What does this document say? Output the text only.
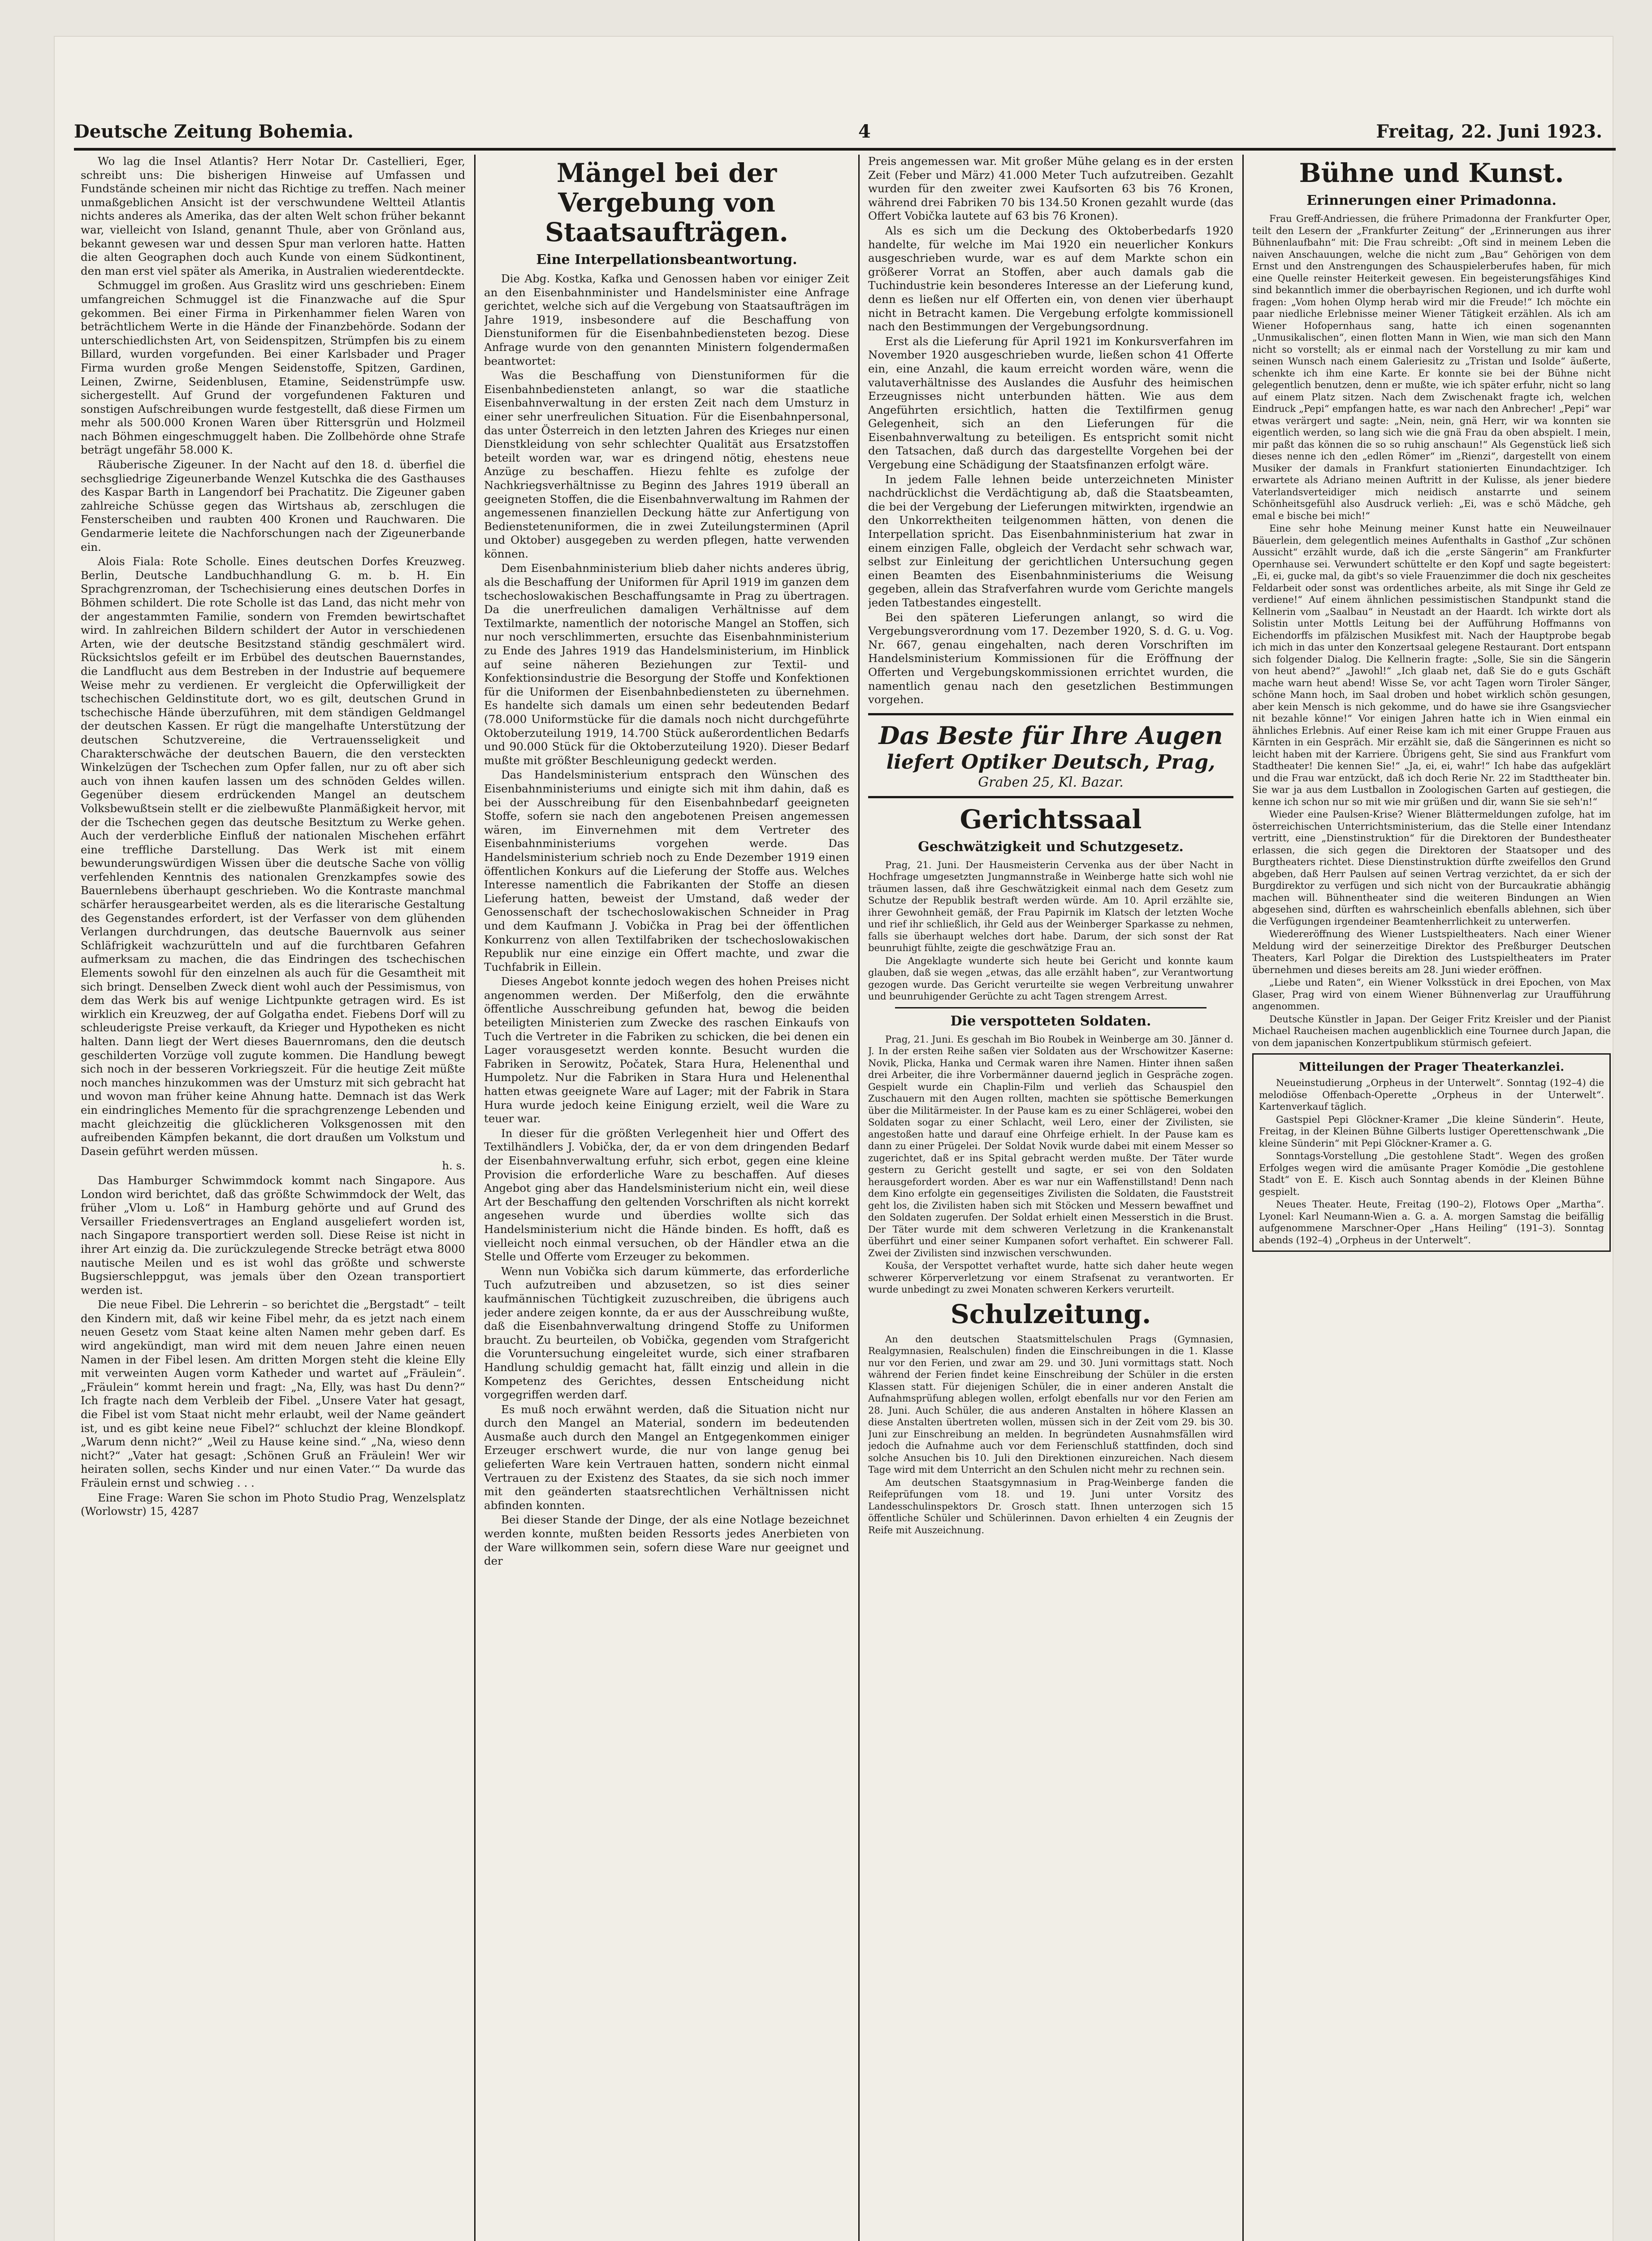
Deutsche Zeitung Bohemia.	4	Freitag, 22. Juni 1923.

Wo lag die Insel Atlantis? Herr Notar Dr. Castellieri, Eger, schreibt uns: Die bisherigen Hinweise auf Umfassen und Fundstände scheinen mir nicht das Richtige zu treffen. Nach meiner unmaßgeblichen Ansicht ist der verschwundene Weltteil Atlantis nichts anderes als Amerika, das der alten Welt schon früher bekannt war, vielleicht von Island, genannt Thule, aber von Grönland aus, bekannt gewesen war und dessen Spur man verloren hatte. Hatten die alten Geographen doch auch Kunde von einem Südkontinent, den man erst viel später als Amerika, in Australien wiederentdeckte.

Schmuggel im großen. Aus Graslitz wird uns geschrieben: Einem umfangreichen Schmuggel ist die Finanzwache auf die Spur gekommen. Bei einer Firma in Pirkenhammer fielen Waren von beträchtlichem Werte in die Hände der Finanzbehörde. Sodann der unterschiedlichsten Art, von Seidenspitzen, Strümpfen bis zu einem Billard, wurden vorgefunden. Bei einer Karlsbader und Prager Firma wurden große Mengen Seidenstoffe, Spitzen, Gardinen, Leinen, Zwirne, Seidenblusen, Etamine, Seidenstrümpfe usw. sichergestellt. Auf Grund der vorgefundenen Fakturen und sonstigen Aufschreibungen wurde festgestellt, daß diese Firmen um mehr als 500.000 Kronen Waren über Rittersgrün und Holzmeil nach Böhmen eingeschmuggelt haben. Die Zollbehörde ohne Strafe beträgt ungefähr 58.000 K.

Räuberische Zigeuner. In der Nacht auf den 18. d. überfiel die sechsgliedrige Zigeunerbande Wenzel Kutschka die des Gasthauses des Kaspar Barth in Langendorf bei Prachatitz. Die Zigeuner gaben zahlreiche Schüsse gegen das Wirtshaus ab, zerschlugen die Fensterscheiben und raubten 400 Kronen und Rauchwaren. Die Gendarmerie leitete die Nachforschungen nach der Zigeunerbande ein.

Alois Fiala: Rote Scholle. Eines deutschen Dorfes Kreuzweg. Berlin, Deutsche Landbuchhandlung G. m. b. H. Ein Sprachgrenzroman, der Tschechisierung eines deutschen Dorfes in Böhmen schildert. Die rote Scholle ist das Land, das nicht mehr von der angestammten Familie, sondern von Fremden bewirtschaftet wird. In zahlreichen Bildern schildert der Autor in verschiedenen Arten, wie der deutsche Besitzstand ständig geschmälert wird. Rücksichtslos gefeilt er im Erbübel des deutschen Bauernstandes, die Landflucht aus dem Bestreben in der Industrie auf bequemere Weise mehr zu verdienen. Er vergleicht die Opferwilligkeit der tschechischen Geldinstitute dort, wo es gilt, deutschen Grund in tschechische Hände überzuführen, mit dem ständigen Geldmangel der deutschen Kassen. Er rügt die mangelhafte Unterstützung der deutschen Schutzvereine, die Vertrauensseligkeit und Charakterschwäche der deutschen Bauern, die den versteckten Winkelzügen der Tschechen zum Opfer fallen, nur zu oft aber sich auch von ihnen kaufen lassen um des schnöden Geldes willen. Gegenüber diesem erdrückenden Mangel an deutschem Volksbewußtsein stellt er die zielbewußte Planmäßigkeit hervor, mit der die Tschechen gegen das deutsche Besitztum zu Werke gehen. Auch der verderbliche Einfluß der nationalen Mischehen erfährt eine treffliche Darstellung. Das Werk ist mit einem bewunderungswürdigen Wissen über die deutsche Sache von völlig verfehlenden Kenntnis des nationalen Grenzkampfes sowie des Bauernlebens überhaupt geschrieben. Wo die Kontraste manchmal schärfer herausgearbeitet werden, als es die literarische Gestaltung des Gegenstandes erfordert, ist der Verfasser von dem glühenden Verlangen durchdrungen, das deutsche Bauernvolk aus seiner Schläfrigkeit wachzurütteln und auf die furchtbaren Gefahren aufmerksam zu machen, die das Eindringen des tschechischen Elements sowohl für den einzelnen als auch für die Gesamtheit mit sich bringt. Denselben Zweck dient wohl auch der Pessimismus, von dem das Werk bis auf wenige Lichtpunkte getragen wird. Es ist wirklich ein Kreuzweg, der auf Golgatha endet. Fiebens Dorf will zu schleuderigste Preise verkauft, da Krieger und Hypotheken es nicht halten. Dann liegt der Wert dieses Bauernromans, den die deutsch geschilderten Vorzüge voll zugute kommen. Die Handlung bewegt sich noch in der besseren Vorkriegszeit. Für die heutige Zeit müßte noch manches hinzukommen was der Umsturz mit sich gebracht hat und wovon man früher keine Ahnung hatte. Demnach ist das Werk ein eindringliches Memento für die sprachgrenzenge Lebenden und macht gleichzeitig die glücklicheren Volksgenossen mit den aufreibenden Kämpfen bekannt, die dort draußen um Volkstum und Dasein geführt werden müssen.

h. s.

Das Hamburger Schwimmdock kommt nach Singapore. Aus London wird berichtet, daß das größte Schwimmdock der Welt, das früher „Vlom u. Loß“ in Hamburg gehörte und auf Grund des Versailler Friedensvertrages an England ausgeliefert worden ist, nach Singapore transportiert werden soll. Diese Reise ist nicht in ihrer Art einzig da. Die zurückzulegende Strecke beträgt etwa 8000 nautische Meilen und es ist wohl das größte und schwerste Bugsierschleppgut, was jemals über den Ozean transportiert werden ist.

Die neue Fibel. Die Lehrerin – so berichtet die „Bergstadt“ – teilt den Kindern mit, daß wir keine Fibel mehr, da es jetzt nach einem neuen Gesetz vom Staat keine alten Namen mehr geben darf. Es wird angekündigt, man wird mit dem neuen Jahre einen neuen Namen in der Fibel lesen. Am dritten Morgen steht die kleine Elly mit verweinten Augen vorm Katheder und wartet auf „Fräulein“. „Fräulein“ kommt herein und fragt: „Na, Elly, was hast Du denn?“ Ich fragte nach dem Verbleib der Fibel. „Unsere Vater hat gesagt, die Fibel ist vom Staat nicht mehr erlaubt, weil der Name geändert ist, und es gibt keine neue Fibel?“ schluchzt der kleine Blondkopf. „Warum denn nicht?“ „Weil zu Hause keine sind.“ „Na, wieso denn nicht?“ „Vater hat gesagt: ‚Schönen Gruß an Fräulein! Wer wir heiraten sollen, sechs Kinder und nur einen Vater.‘“ Da wurde das Fräulein ernst und schwieg . . .

Eine Frage: Waren Sie schon im Photo Studio Prag, Wenzelsplatz (Worlowstr) 15, 4287

Mängel bei der Vergebung von Staatsaufträgen.
Eine Interpellationsbeantwortung.

Die Abg. Kostka, Kafka und Genossen haben vor einiger Zeit an den Eisenbahnminister und Handelsminister eine Anfrage gerichtet, welche sich auf die Vergebung von Staatsaufträgen im Jahre 1919, insbesondere auf die Beschaffung von Dienstuniformen für die Eisenbahnbediensteten bezog. Diese Anfrage wurde von den genannten Ministern folgendermaßen beantwortet:

Was die Beschaffung von Dienstuniformen für die Eisenbahnbediensteten anlangt, so war die staatliche Eisenbahnverwaltung in der ersten Zeit nach dem Umsturz in einer sehr unerfreulichen Situation. Für die Eisenbahnpersonal, das unter Österreich in den letzten Jahren des Krieges nur einen Dienstkleidung von sehr schlechter Qualität aus Ersatzstoffen beteilt worden war, war es dringend nötig, ehestens neue Anzüge zu beschaffen. Hiezu fehlte es zufolge der Nachkriegsverhältnisse zu Beginn des Jahres 1919 überall an geeigneten Stoffen, die die Eisenbahnverwaltung im Rahmen der angemessenen finanziellen Deckung hätte zur Anfertigung von Bedienstetenuniformen, die in zwei Zuteilungsterminen (April und Oktober) ausgegeben zu werden pflegen, hatte verwenden können.

Dem Eisenbahnministerium blieb daher nichts anderes übrig, als die Beschaffung der Uniformen für April 1919 im ganzen dem tschechoslowakischen Beschaffungsamte in Prag zu übertragen. Da die unerfreulichen damaligen Verhältnisse auf dem Textilmarkte, namentlich der notorische Mangel an Stoffen, sich nur noch verschlimmerten, ersuchte das Eisenbahnministerium zu Ende des Jahres 1919 das Handelsministerium, im Hinblick auf seine näheren Beziehungen zur Textil- und Konfektionsindustrie die Besorgung der Stoffe und Konfektionen für die Uniformen der Eisenbahnbediensteten zu übernehmen. Es handelte sich damals um einen sehr bedeutenden Bedarf (78.000 Uniformstücke für die damals noch nicht durchgeführte Oktoberzuteilung 1919, 14.700 Stück außerordentlichen Bedarfs und 90.000 Stück für die Oktoberzuteilung 1920). Dieser Bedarf mußte mit größter Beschleunigung gedeckt werden.

Das Handelsministerium entsprach den Wünschen des Eisenbahnministeriums und einigte sich mit ihm dahin, daß es bei der Ausschreibung für den Eisenbahnbedarf geeigneten Stoffe, sofern sie nach den angebotenen Preisen angemessen wären, im Einvernehmen mit dem Vertreter des Eisenbahnministeriums vorgehen werde. Das Handelsministerium schrieb noch zu Ende Dezember 1919 einen öffentlichen Konkurs auf die Lieferung der Stoffe aus. Welches Interesse namentlich die Fabrikanten der Stoffe an diesen Lieferung hatten, beweist der Umstand, daß weder der Genossenschaft der tschechoslowakischen Schneider in Prag und dem Kaufmann J. Vobička in Prag bei der öffentlichen Konkurrenz von allen Textilfabriken der tschechoslowakischen Republik nur eine einzige ein Offert machte, und zwar die Tuchfabrik in Eillein.

Dieses Angebot konnte jedoch wegen des hohen Preises nicht angenommen werden. Der Mißerfolg, den die erwähnte öffentliche Ausschreibung gefunden hat, bewog die beiden beteiligten Ministerien zum Zwecke des raschen Einkaufs von Tuch die Vertreter in die Fabriken zu schicken, die bei denen ein Lager vorausgesetzt werden konnte. Besucht wurden die Fabriken in Serowitz, Počatek, Stara Hura, Helenenthal und Humpoletz. Nur die Fabriken in Stara Hura und Helenenthal hatten etwas geeignete Ware auf Lager; mit der Fabrik in Stara Hura wurde jedoch keine Einigung erzielt, weil die Ware zu teuer war.

In dieser für die größten Verlegenheit hier und Offert des Textilhändlers J. Vobička, der, da er von dem dringenden Bedarf der Eisenbahnverwaltung erfuhr, sich erbot, gegen eine kleine Provision die erforderliche Ware zu beschaffen. Auf dieses Angebot ging aber das Handelsministerium nicht ein, weil diese Art der Beschaffung den geltenden Vorschriften als nicht korrekt angesehen wurde und überdies wollte sich das Handelsministerium nicht die Hände binden. Es hofft, daß es vielleicht noch einmal versuchen, ob der Händler etwa an die Stelle und Offerte vom Erzeuger zu bekommen.

Wenn nun Vobička sich darum kümmerte, das erforderliche Tuch aufzutreiben und abzusetzen, so ist dies seiner kaufmännischen Tüchtigkeit zuzuschreiben, die übrigens auch jeder andere zeigen konnte, da er aus der Ausschreibung wußte, daß die Eisenbahnverwaltung dringend Stoffe zu Uniformen braucht. Zu beurteilen, ob Vobička, gegenden vom Strafgericht die Voruntersuchung eingeleitet wurde, sich einer strafbaren Handlung schuldig gemacht hat, fällt einzig und allein in die Kompetenz des Gerichtes, dessen Entscheidung nicht vorgegriffen werden darf.

Es muß noch erwähnt werden, daß die Situation nicht nur durch den Mangel an Material, sondern im bedeutenden Ausmaße auch durch den Mangel an Entgegenkommen einiger Erzeuger erschwert wurde, die nur von lange genug bei gelieferten Ware kein Vertrauen hatten, sondern nicht einmal Vertrauen zu der Existenz des Staates, da sie sich noch immer mit den geänderten staatsrechtlichen Verhältnissen nicht abfinden konnten.

Bei dieser Stande der Dinge, der als eine Notlage bezeichnet werden konnte, mußten beiden Ressorts jedes Anerbieten von der Ware willkommen sein, sofern diese Ware nur geeignet und der

Preis angemessen war. Mit großer Mühe gelang es in der ersten Zeit (Feber und März) 41.000 Meter Tuch aufzutreiben. Gezahlt wurden für den zweiter zwei Kaufsorten 63 bis 76 Kronen, während drei Fabriken 70 bis 134.50 Kronen gezahlt wurde (das Offert Vobička lautete auf 63 bis 76 Kronen).

Als es sich um die Deckung des Oktoberbedarfs 1920 handelte, für welche im Mai 1920 ein neuerlicher Konkurs ausgeschrieben wurde, war es auf dem Markte schon ein größerer Vorrat an Stoffen, aber auch damals gab die Tuchindustrie kein besonderes Interesse an der Lieferung kund, denn es ließen nur elf Offerten ein, von denen vier überhaupt nicht in Betracht kamen. Die Vergebung erfolgte kommissionell nach den Bestimmungen der Vergebungsordnung.

Erst als die Lieferung für April 1921 im Konkursverfahren im November 1920 ausgeschrieben wurde, ließen schon 41 Offerte ein, eine Anzahl, die kaum erreicht worden wäre, wenn die valutaverhältnisse des Auslandes die Ausfuhr des heimischen Erzeugnisses nicht unterbunden hätten. Wie aus dem Angeführten ersichtlich, hatten die Textilfirmen genug Gelegenheit, sich an den Lieferungen für die Eisenbahnverwaltung zu beteiligen. Es entspricht somit nicht den Tatsachen, daß durch das dargestellte Vorgehen bei der Vergebung eine Schädigung der Staatsfinanzen erfolgt wäre.

In jedem Falle lehnen beide unterzeichneten Minister nachdrücklichst die Verdächtigung ab, daß die Staatsbeamten, die bei der Vergebung der Lieferungen mitwirkten, irgendwie an den Unkorrektheiten teilgenommen hätten, von denen die Interpellation spricht. Das Eisenbahnministerium hat zwar in einem einzigen Falle, obgleich der Verdacht sehr schwach war, selbst zur Einleitung der gerichtlichen Untersuchung gegen einen Beamten des Eisenbahnministeriums die Weisung gegeben, allein das Strafverfahren wurde vom Gerichte mangels jeden Tatbestandes eingestellt.

Bei den späteren Lieferungen anlangt, so wird die Vergebungsverordnung vom 17. Dezember 1920, S. d. G. u. Vog. Nr. 667, genau eingehalten, nach deren Vorschriften im Handelsministerium Kommissionen für die Eröffnung der Offerten und Vergebungskommissionen errichtet wurden, die namentlich genau nach den gesetzlichen Bestimmungen vorgehen.

Das Beste für Ihre Augen
liefert Optiker Deutsch, Prag,
Graben 25, Kl. Bazar.
Gerichtssaal
Geschwätzigkeit und Schutzgesetz.

Prag, 21. Juni. Der Hausmeisterin Cervenka aus der über Nacht in Hochfrage umgesetzten Jungmannstraße in Weinberge hatte sich wohl nie träumen lassen, daß ihre Geschwätzigkeit einmal nach dem Gesetz zum Schutze der Republik bestraft werden würde. Am 10. April erzählte sie, ihrer Gewohnheit gemäß, der Frau Papirnik im Klatsch der letzten Woche und rief ihr schließlich, ihr Geld aus der Weinberger Sparkasse zu nehmen, falls sie überhaupt welches dort habe. Darum, der sich sonst der Rat beunruhigt fühlte, zeigte die geschwätzige Frau an.

Die Angeklagte wunderte sich heute bei Gericht und konnte kaum glauben, daß sie wegen „etwas, das alle erzählt haben“, zur Verantwortung gezogen wurde. Das Gericht verurteilte sie wegen Verbreitung unwahrer und beunruhigender Gerüchte zu acht Tagen strengem Arrest.

Die verspotteten Soldaten.

Prag, 21. Juni. Es geschah im Bio Roubek in Weinberge am 30. Jänner d. J. In der ersten Reihe saßen vier Soldaten aus der Wrschowitzer Kaserne: Novik, Plicka, Hanka und Cermak waren ihre Namen. Hinter ihnen saßen drei Arbeiter, die ihre Vorbermänner dauernd jeglich in Gespräche zogen. Gespielt wurde ein Chaplin-Film und verlieh das Schauspiel den Zuschauern mit den Augen rollten, machten sie spöttische Bemerkungen über die Militärmeister. In der Pause kam es zu einer Schlägerei, wobei den Soldaten sogar zu einer Schlacht, weil Lero, einer der Zivilisten, sie angestoßen hatte und darauf eine Ohrfeige erhielt. In der Pause kam es dann zu einer Prügelei. Der Soldat Novik wurde dabei mit einem Messer so zugerichtet, daß er ins Spital gebracht werden mußte. Der Täter wurde gestern zu Gericht gestellt und sagte, er sei von den Soldaten herausgefordert worden. Aber es war nur ein Waffenstillstand! Denn nach dem Kino erfolgte ein gegenseitiges Zivilisten die Soldaten, die Fauststreit geht los, die Zivilisten haben sich mit Stöcken und Messern bewaffnet und den Soldaten zugerufen. Der Soldat erhielt einen Messerstich in die Brust. Der Täter wurde mit dem schweren Verletzung in die Krankenanstalt überführt und einer seiner Kumpanen sofort verhaftet. Ein schwerer Fall. Zwei der Zivilisten sind inzwischen verschwunden.

Kouša, der Verspottet verhaftet wurde, hatte sich daher heute wegen schwerer Körperverletzung vor einem Strafsenat zu verantworten. Er wurde unbedingt zu zwei Monaten schweren Kerkers verurteilt.

Schulzeitung.

An den deutschen Staatsmittelschulen Prags (Gymnasien, Realgymnasien, Realschulen) finden die Einschreibungen in die 1. Klasse nur vor den Ferien, und zwar am 29. und 30. Juni vormittags statt. Noch während der Ferien findet keine Einschreibung der Schüler in die ersten Klassen statt. Für diejenigen Schüler, die in einer anderen Anstalt die Aufnahmsprüfung ablegen wollen, erfolgt ebenfalls nur vor den Ferien am 28. Juni. Auch Schüler, die aus anderen Anstalten in höhere Klassen an diese Anstalten übertreten wollen, müssen sich in der Zeit vom 29. bis 30. Juni zur Einschreibung an melden. In begründeten Ausnahmsfällen wird jedoch die Aufnahme auch vor dem Ferienschluß stattfinden, doch sind solche Ansuchen bis 10. Juli den Direktionen einzureichen. Nach diesem Tage wird mit dem Unterricht an den Schulen nicht mehr zu rechnen sein.

Am deutschen Staatsgymnasium in Prag-Weinberge fanden die Reifeprüfungen vom 18. und 19. Juni unter Vorsitz des Landesschulinspektors Dr. Grosch statt. Ihnen unterzogen sich 15 öffentliche Schüler und Schülerinnen. Davon erhielten 4 ein Zeugnis der Reife mit Auszeichnung.

Bühne und Kunst.
Erinnerungen einer Primadonna.

Frau Greff-Andriessen, die frühere Primadonna der Frankfurter Oper, teilt den Lesern der „Frankfurter Zeitung“ der „Erinnerungen aus ihrer Bühnenlaufbahn“ mit: Die Frau schreibt: „Oft sind in meinem Leben die naiven Anschauungen, welche die nicht zum „Bau“ Gehörigen von dem Ernst und den Anstrengungen des Schauspielerberufes haben, für mich eine Quelle reinster Heiterkeit gewesen. Ein begeisterungsfähiges Kind sind bekanntlich immer die oberbayrischen Regionen, und ich durfte wohl fragen: „Vom hohen Olymp herab wird mir die Freude!“ Ich möchte ein paar niedliche Erlebnisse meiner Wiener Tätigkeit erzählen. Als ich am Wiener Hofopernhaus sang, hatte ich einen sogenannten „Unmusikalischen“, einen flotten Mann in Wien, wie man sich den Mann nicht so vorstellt; als er einmal nach der Vorstellung zu mir kam und seinen Wunsch nach einem Galeriesitz zu „Tristan und Isolde“ äußerte, schenkte ich ihm eine Karte. Er konnte sie bei der Bühne nicht gelegentlich benutzen, denn er mußte, wie ich später erfuhr, nicht so lang auf einem Platz sitzen. Nach dem Zwischenakt fragte ich, welchen Eindruck „Pepi“ empfangen hatte, es war nach den Anbrecher! „Pepi“ war etwas verärgert und sagte: „Nein, nein, gnä Herr, wir wa konnten sie eigentlich werden, so lang sich wie die gnä Frau da oben abspielt. I mein, mir paßt das können die so so ruhig anschaun!“ Als Gegenstück ließ sich dieses nenne ich den „edlen Römer“ im „Rienzi“, dargestellt von einem Musiker der damals in Frankfurt stationierten Einundachtziger. Ich erwartete als Adriano meinen Auftritt in der Kulisse, als jener biedere Vaterlandsverteidiger mich neidisch anstarrte und seinem Schönheitsgefühl also Ausdruck verlieh: „Ei, was e schö Mädche, geh emal e bische bei mich!“

Eine sehr hohe Meinung meiner Kunst hatte ein Neuweilnauer Bäuerlein, dem gelegentlich meines Aufenthalts in Gasthof „Zur schönen Aussicht“ erzählt wurde, daß ich die „erste Sängerin“ am Frankfurter Opernhause sei. Verwundert schüttelte er den Kopf und sagte begeistert: „Ei, ei, gucke mal, da gibt's so viele Frauenzimmer die doch nix gescheites Feldarbeit oder sonst was ordentliches arbeite, als mit Singe ihr Geld ze verdiene!“ Auf einem ähnlichen pessimistischen Standpunkt stand die Kellnerin vom „Saalbau“ in Neustadt an der Haardt. Ich wirkte dort als Solistin unter Mottls Leitung bei der Aufführung Hoffmanns von Eichendorffs im pfälzischen Musikfest mit. Nach der Hauptprobe begab ich mich in das unter den Konzertsaal gelegene Restaurant. Dort entspann sich folgender Dialog. Die Kellnerin fragte: „Solle, Sie sin die Sängerin von heut abend?“ „Jawohl!“ „Ich glaab net, daß Sie do e guts Gschäft mache warn heut abend! Wisse Se, vor acht Tagen worn Tiroler Sänger, schöne Mann hoch, im Saal droben und hobet wirklich schön gesungen, aber kein Mensch is nich gekomme, und do hawe sie ihre Gsangsviecher nit bezahle könne!“ Vor einigen Jahren hatte ich in Wien einmal ein ähnliches Erlebnis. Auf einer Reise kam ich mit einer Gruppe Frauen aus Kärnten in ein Gespräch. Mir erzählt sie, daß die Sängerinnen es nicht so leicht haben mit der Karriere. Übrigens geht, Sie sind aus Frankfurt vom Stadtheater! Die kennen Sie!“ „Ja, ei, ei, wahr!“ Ich habe das aufgeklärt und die Frau war entzückt, daß ich doch Rerie Nr. 22 im Stadttheater bin. Sie war ja aus dem Lustballon in Zoologischen Garten auf gestiegen, die kenne ich schon nur so mit wie mir grüßen und dir, wann Sie sie seh'n!“

Wieder eine Paulsen-Krise? Wiener Blättermeldungen zufolge, hat im österreichischen Unterrichtsministerium, das die Stelle einer Intendanz vertritt, eine „Dienstinstruktion“ für die Direktoren der Bundestheater erlassen, die sich gegen die Direktoren der Staatsoper und des Burgtheaters richtet. Diese Dienstinstruktion dürfte zweifellos den Grund abgeben, daß Herr Paulsen auf seinen Vertrag verzichtet, da er sich der Burgdirektor zu verfügen und sich nicht von der Burcaukratie abhängig machen will. Bühnentheater sind die weiteren Bindungen an Wien abgesehen sind, dürften es wahrscheinlich ebenfalls ablehnen, sich über die Verfügungen irgendeiner Beamtenherrlichkeit zu unterwerfen.

Wiedereröffnung des Wiener Lustspieltheaters. Nach einer Wiener Meldung wird der seinerzeitige Direktor des Preßburger Deutschen Theaters, Karl Polgar die Direktion des Lustspieltheaters im Prater übernehmen und dieses bereits am 28. Juni wieder eröffnen.

„Liebe und Raten“, ein Wiener Volksstück in drei Epochen, von Max Glaser, Prag wird von einem Wiener Bühnenverlag zur Uraufführung angenommen.

Deutsche Künstler in Japan. Der Geiger Fritz Kreisler und der Pianist Michael Raucheisen machen augenblicklich eine Tournee durch Japan, die von dem japanischen Konzertpublikum stürmisch gefeiert.

Mitteilungen der Prager Theaterkanzlei.

Neueinstudierung „Orpheus in der Unterwelt“. Sonntag (192–4) die melodiöse Offenbach-Operette „Orpheus in der Unterwelt“. Kartenverkauf täglich.

Gastspiel Pepi Glöckner-Kramer „Die kleine Sünderin“. Heute, Freitag, in der Kleinen Bühne Gilberts lustiger Operettenschwank „Die kleine Sünderin“ mit Pepi Glöckner-Kramer a. G.

Sonntags-Vorstellung „Die gestohlene Stadt“. Wegen des großen Erfolges wegen wird die amüsante Prager Komödie „Die gestohlene Stadt“ von E. E. Kisch auch Sonntag abends in der Kleinen Bühne gespielt.

Neues Theater. Heute, Freitag (190–2), Flotows Oper „Martha“. Lyonel: Karl Neumann-Wien a. G. a. A. morgen Samstag die beifällig aufgenommene Marschner-Oper „Hans Heiling“ (191–3). Sonntag abends (192–4) „Orpheus in der Unterwelt“.
